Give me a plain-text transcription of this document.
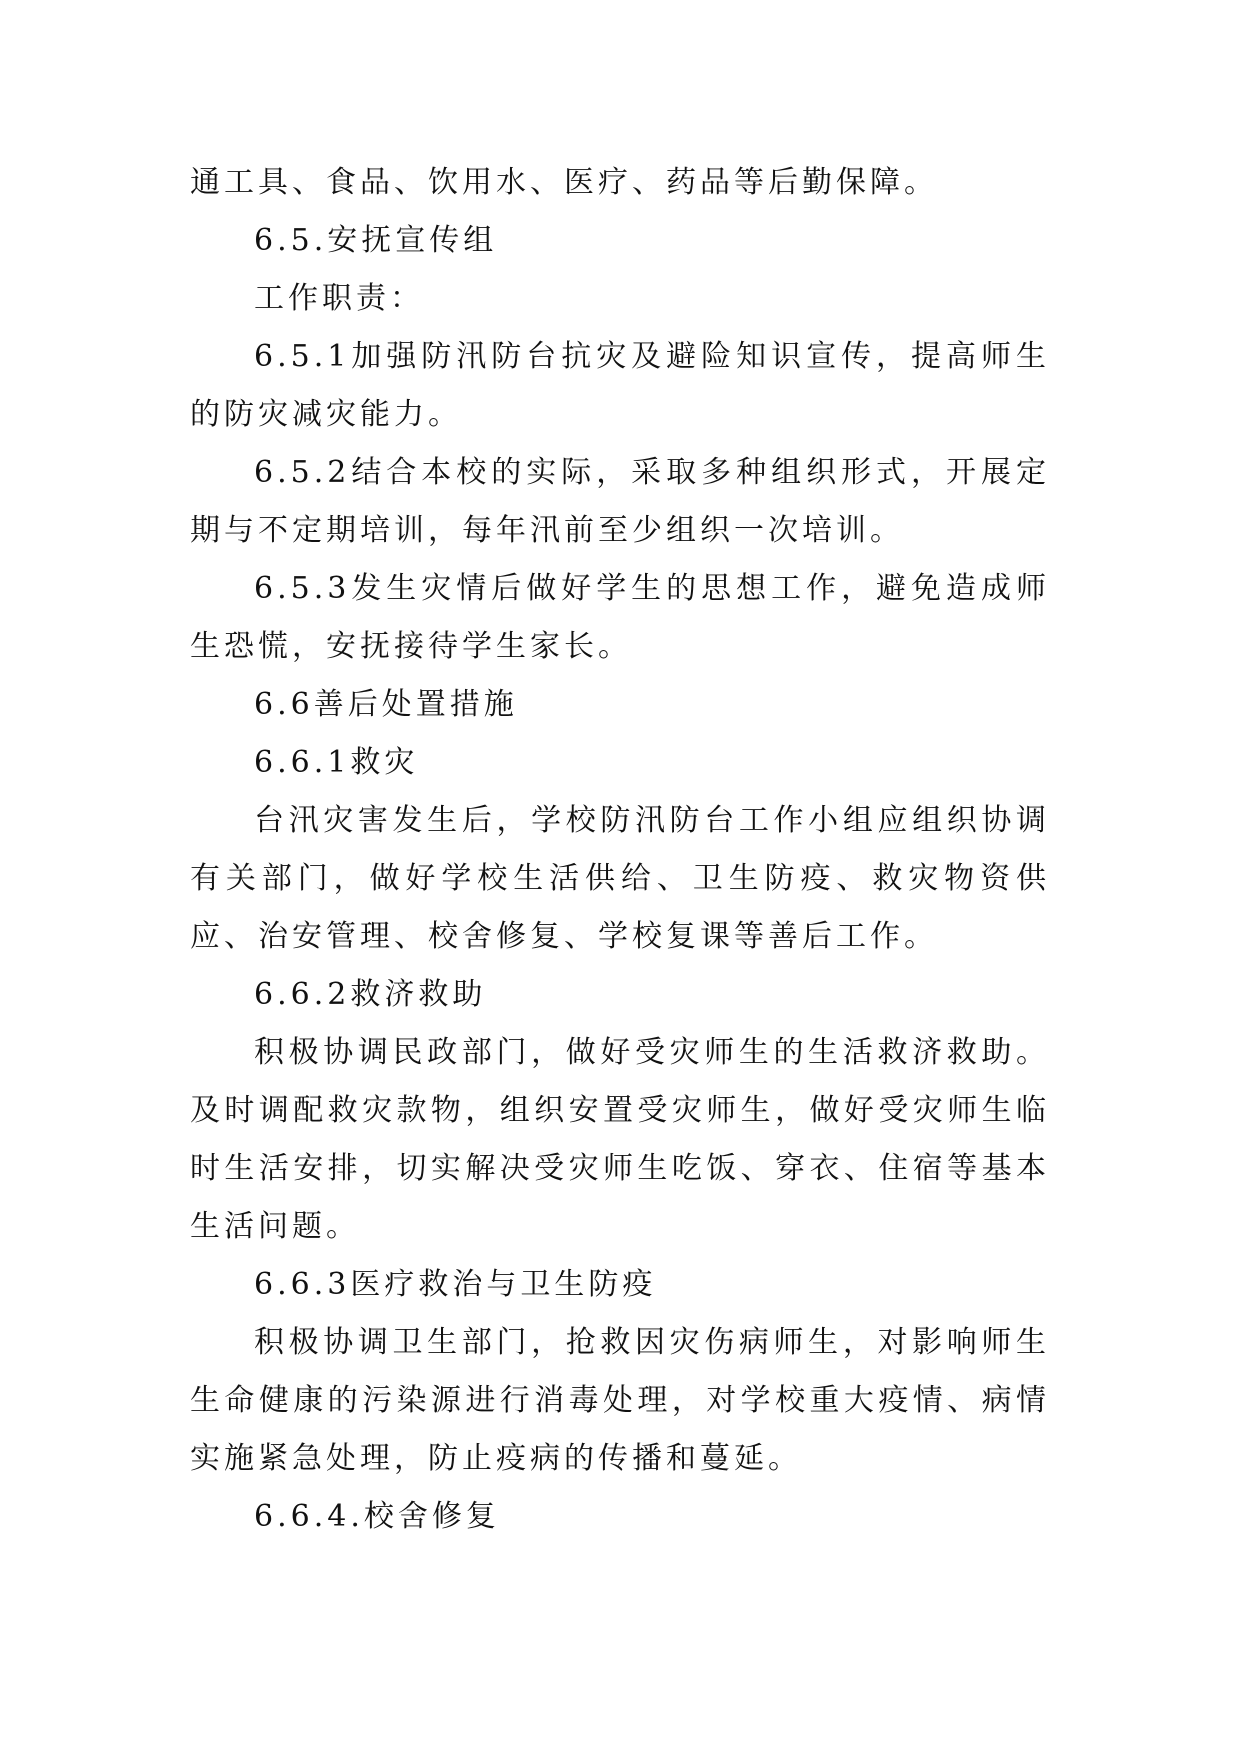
通工具、食品、饮用水、医疗、药品等后勤保障。

6.5.安抚宣传组

工作职责：

6.5.1加强防汛防台抗灾及避险知识宣传，提高师生的防灾减灾能力。

6.5.2结合本校的实际，采取多种组织形式，开展定期与不定期培训，每年汛前至少组织一次培训。

6.5.3发生灾情后做好学生的思想工作，避免造成师生恐慌，安抚接待学生家长。

6.6善后处置措施

6.6.1救灾

台汛灾害发生后，学校防汛防台工作小组应组织协调有关部门，做好学校生活供给、卫生防疫、救灾物资供应、治安管理、校舍修复、学校复课等善后工作。

6.6.2救济救助

积极协调民政部门，做好受灾师生的生活救济救助。及时调配救灾款物，组织安置受灾师生，做好受灾师生临时生活安排，切实解决受灾师生吃饭、穿衣、住宿等基本生活问题。

6.6.3医疗救治与卫生防疫

积极协调卫生部门，抢救因灾伤病师生，对影响师生生命健康的污染源进行消毒处理，对学校重大疫情、病情实施紧急处理，防止疫病的传播和蔓延。

6.6.4.校舍修复
